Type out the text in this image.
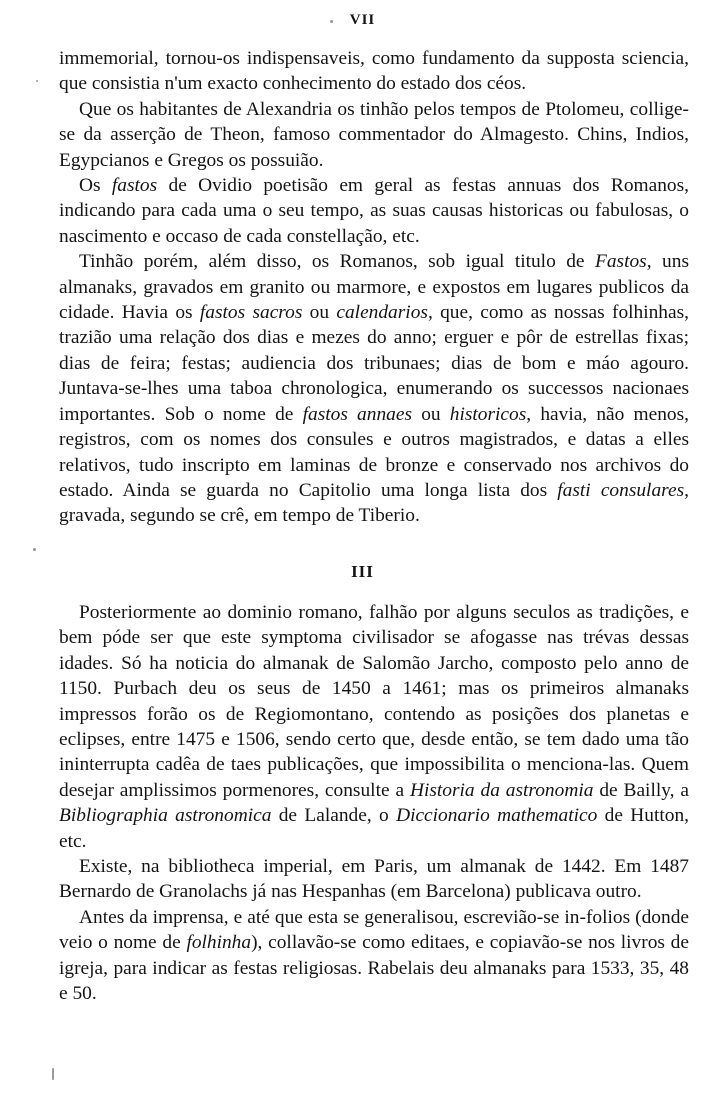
VII

immemorial, tornou-os indispensaveis, como fundamento da supposta sciencia, que consistia n'um exacto conhecimento do estado dos céos.

Que os habitantes de Alexandria os tinhão pelos tempos de Ptolomeu, collige-se da asserção de Theon, famoso commentador do Almagesto. Chins, Indios, Egypcianos e Gregos os possuião.

Os fastos de Ovidio poetisão em geral as festas annuas dos Romanos, indicando para cada uma o seu tempo, as suas causas historicas ou fabulosas, o nascimento e occaso de cada constellação, etc.

Tinhão porém, além disso, os Romanos, sob igual titulo de Fastos, uns almanaks, gravados em granito ou marmore, e expostos em lugares publicos da cidade. Havia os fastos sacros ou calendarios, que, como as nossas folhinhas, trazião uma relação dos dias e mezes do anno; erguer e pôr de estrellas fixas; dias de feira; festas; audiencia dos tribunaes; dias de bom e máo agouro. Juntava-se-lhes uma taboa chronologica, enumerando os successos nacionaes importantes. Sob o nome de fastos annaes ou historicos, havia, não menos, registros, com os nomes dos consules e outros magistrados, e datas a elles relativos, tudo inscripto em laminas de bronze e conservado nos archivos do estado. Ainda se guarda no Capitolio uma longa lista dos fasti consulares, gravada, segundo se crê, em tempo de Tiberio.

III

Posteriormente ao dominio romano, falhão por alguns seculos as tradições, e bem póde ser que este symptoma civilisador se afogasse nas trévas dessas idades. Só ha noticia do almanak de Salomão Jarcho, composto pelo anno de 1150. Purbach deu os seus de 1450 a 1461; mas os primeiros almanaks impressos forão os de Regiomontano, contendo as posições dos planetas e eclipses, entre 1475 e 1506, sendo certo que, desde então, se tem dado uma tão ininterrupta cadêa de taes publicações, que impossibilita o menciona-las. Quem desejar amplissimos pormenores, consulte a Historia da astronomia de Bailly, a Bibliographia astronomica de Lalande, o Diccionario mathematico de Hutton, etc.

Existe, na bibliotheca imperial, em Paris, um almanak de 1442. Em 1487 Bernardo de Granolachs já nas Hespanhas (em Barcelona) publicava outro.

Antes da imprensa, e até que esta se generalisou, escrevião-se in-folios (donde veio o nome de folhinha), collavão-se como editaes, e copiavão-se nos livros de igreja, para indicar as festas religiosas. Rabelais deu almanaks para 1533, 35, 48 e 50.
